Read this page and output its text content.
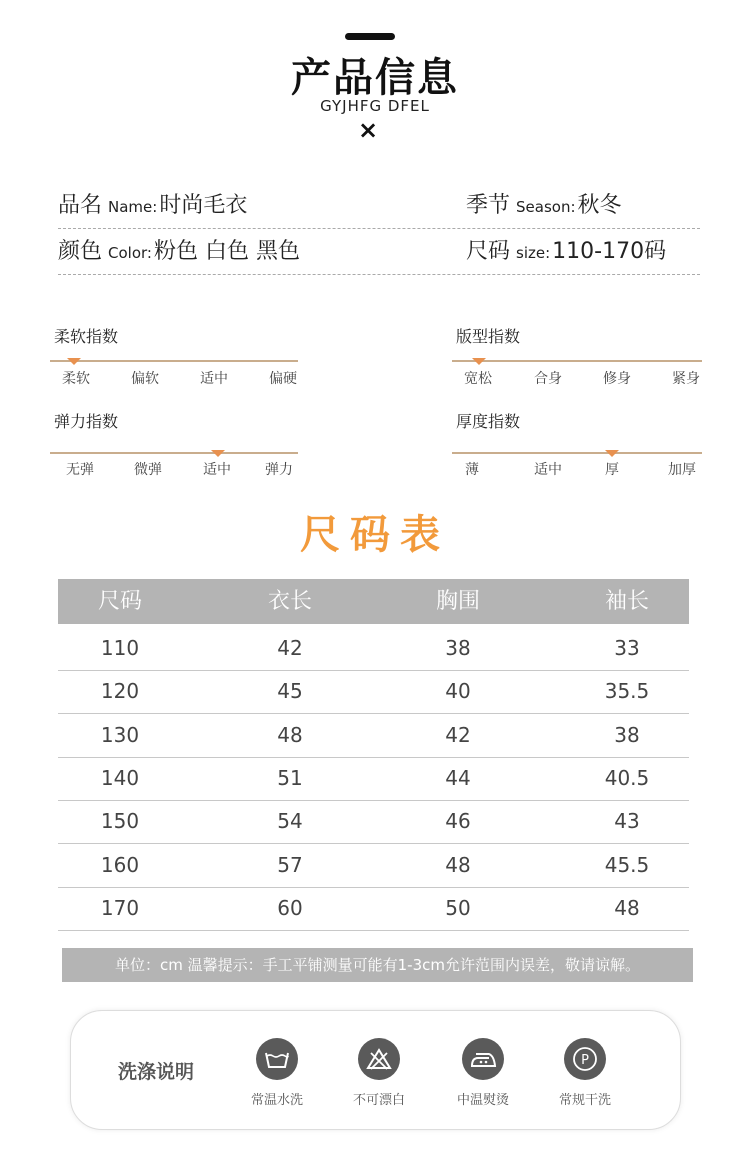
产品信息
GYJHFG DFEL
×
品名 Name:时尚毛衣	季节 Season:秋冬
颜色 Color:粉色 白色 黑色	尺码 size:110-170码
柔软指数
柔软	偏软	适中	偏硬
版型指数
宽松	合身	修身	紧身
弹力指数
无弹	微弹	适中	弹力
厚度指数
薄	适中	厚	加厚
尺码表
尺码	衣长	胸围	袖长
110	42	38	33
120	45	40	35.5
130	48	42	38
140	51	44	40.5
150	54	46	43
160	57	48	45.5
170	60	50	48
单位：cm 温馨提示：手工平铺测量可能有1-3cm允许范围内误差，敬请谅解。
洗涤说明
常温水洗	不可漂白	中温熨烫
P
常规干洗
